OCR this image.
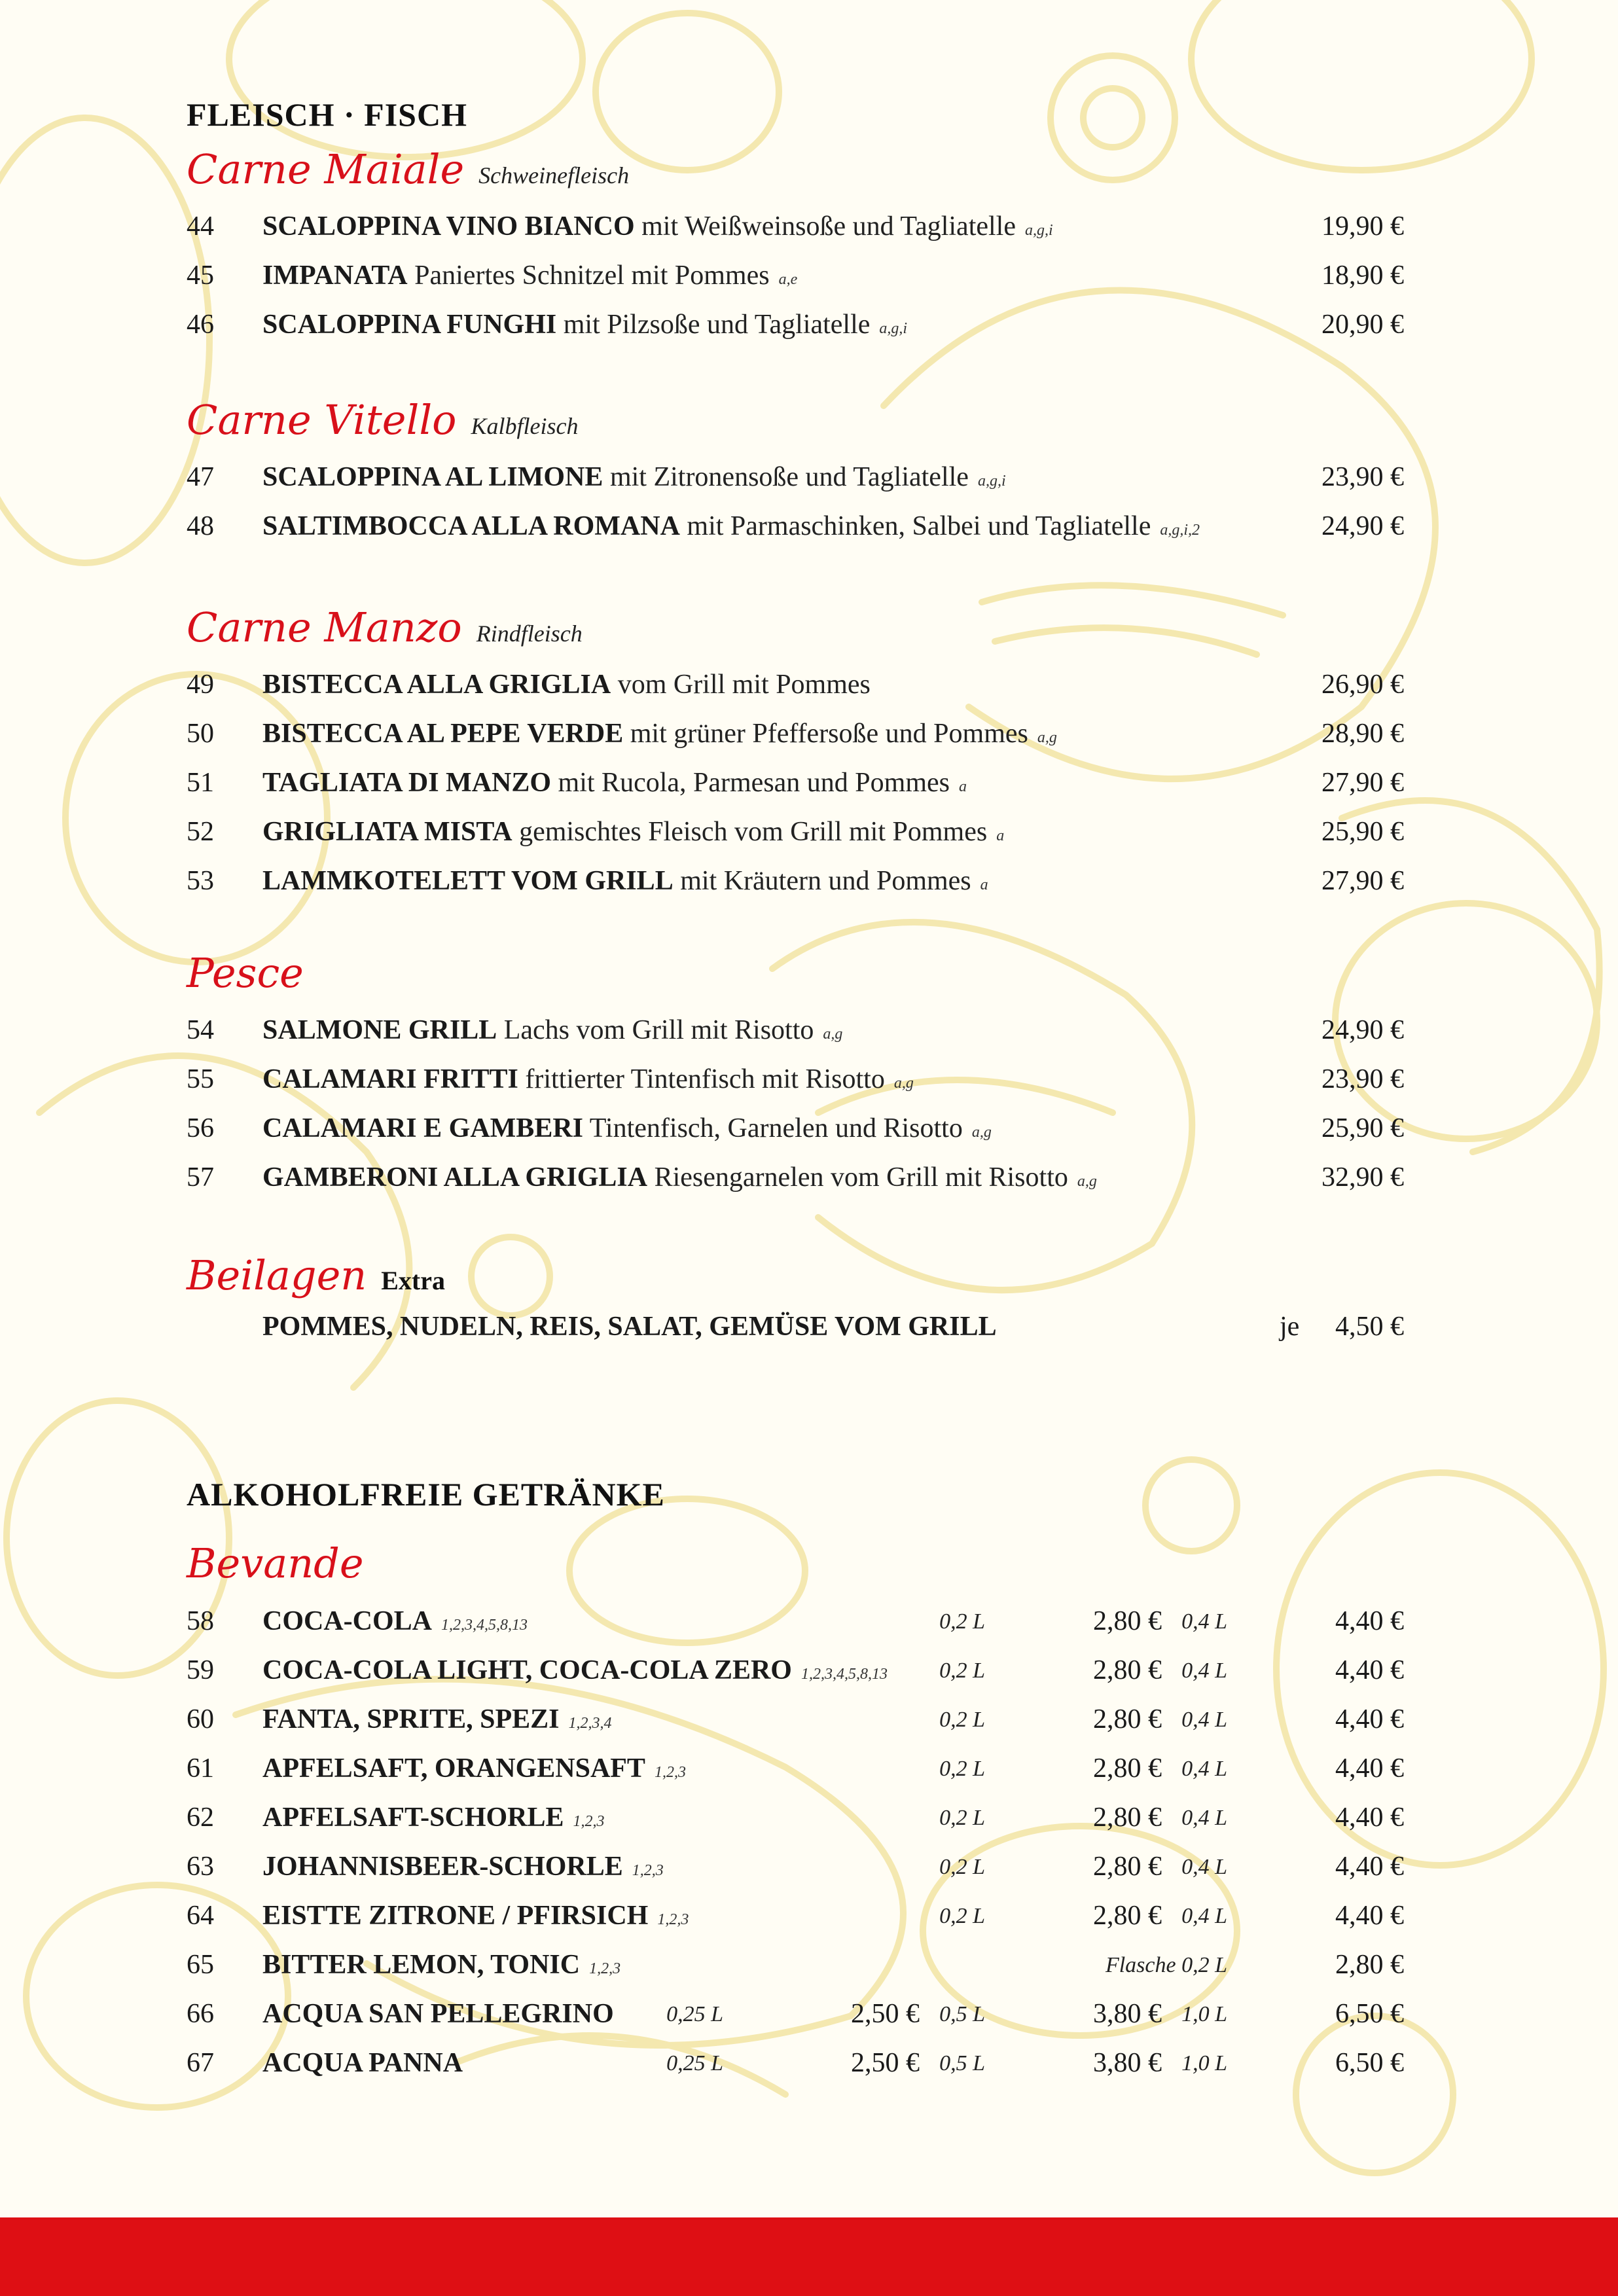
FLEISCH · FISCH
Carne Maiale Schweinefleisch
44 SCALOPPINA VINO BIANCO mit Weißweinsoße und Tagliatelle a,g,i	19,90 €
45 IMPANATA Paniertes Schnitzel mit Pommes a,e	18,90 €
46 SCALOPPINA FUNGHI mit Pilzsoße und Tagliatelle a,g,i	20,90 €
Carne Vitello Kalbfleisch
47 SCALOPPINA AL LIMONE mit Zitronensoße und Tagliatelle a,g,i	23,90 €
48 SALTIMBOCCA ALLA ROMANA mit Parmaschinken, Salbei und Tagliatelle a,g,i,2	24,90 €
Carne Manzo Rindfleisch
49 BISTECCA ALLA GRIGLIA vom Grill mit Pommes	26,90 €
50 BISTECCA AL PEPE VERDE mit grüner Pfeffersoße und Pommes a,g	28,90 €
51 TAGLIATA DI MANZO mit Rucola, Parmesan und Pommes a	27,90 €
52 GRIGLIATA MISTA gemischtes Fleisch vom Grill mit Pommes a	25,90 €
53 LAMMKOTELETT VOM GRILL mit Kräutern und Pommes a	27,90 €
Pesce
54 SALMONE GRILL Lachs vom Grill mit Risotto a,g	24,90 €
55 CALAMARI FRITTI frittierter Tintenfisch mit Risotto a,g	23,90 €
56 CALAMARI E GAMBERI Tintenfisch, Garnelen und Risotto a,g	25,90 €
57 GAMBERONI ALLA GRIGLIA Riesengarnelen vom Grill mit Risotto a,g	32,90 €
Beilagen Extra
POMMES, NUDELN, REIS, SALAT, GEMÜSE VOM GRILL	je 4,50 €
ALKOHOLFREIE GETRÄNKE
Bevande
58 COCA-COLA 1,2,3,4,5,8,13	0,2 L	2,80 € 0,4 L	4,40 €
59 COCA-COLA LIGHT, COCA-COLA ZERO 1,2,3,4,5,8,13 0,2 L	2,80 € 0,4 L	4,40 €
60 FANTA, SPRITE, SPEZI 1,2,3,4	0,2 L	2,80 € 0,4 L	4,40 €
61 APFELSAFT, ORANGENSAFT 1,2,3	0,2 L	2,80 € 0,4 L	4,40 €
62 APFELSAFT-SCHORLE 1,2,3	0,2 L	2,80 € 0,4 L	4,40 €
63 JOHANNISBEER-SCHORLE 1,2,3	0,2 L	2,80 € 0,4 L	4,40 €
64 EISTTE ZITRONE / PFIRSICH 1,2,3	0,2 L	2,80 € 0,4 L	4,40 €
65 BITTER LEMON, TONIC 1,2,3	Flasche 0,2 L	2,80 €
66 ACQUA SAN PELLEGRINO 0,25 L	2,50 € 0,5 L	3,80 € 1,0 L	6,50 €
67 ACQUA PANNA	0,25 L	2,50 € 0,5 L	3,80 € 1,0 L	6,50 €
